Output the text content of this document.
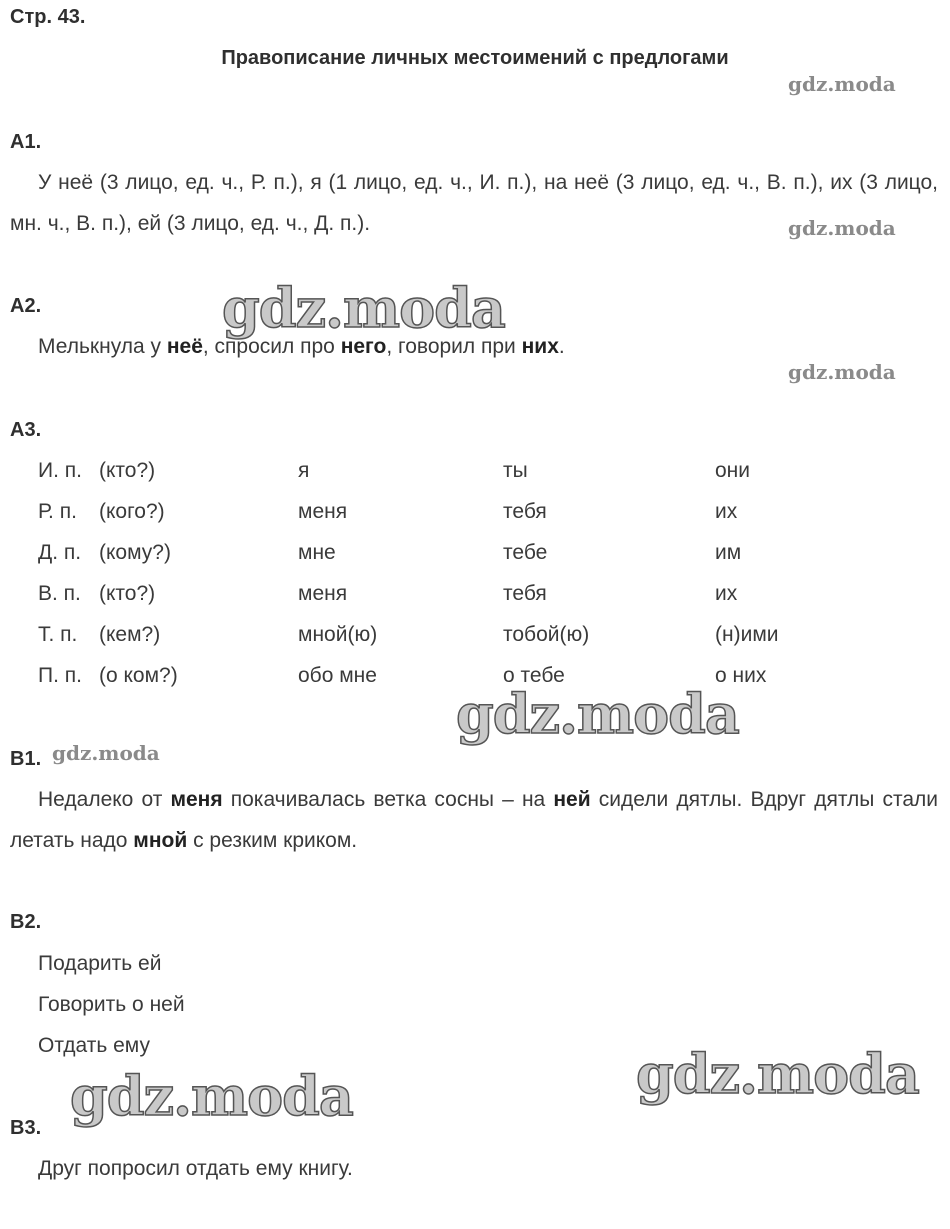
Стр. 43.
Правописание личных местоимений с предлогами
gdz.moda
gdz.moda
gdz.moda
gdz.moda
gdz.moda
gdz.moda
gdz.moda	gdz.moda
А1.
У неё (3 лицо, ед. ч., Р. п.), я (1 лицо, ед. ч., И. п.), на неё (3 лицо, ед. ч., В. п.), их (3 лицо, мн. ч., В. п.), ей (3 лицо, ед. ч., Д. п.).
А2.
Мелькнула у неё, спросил про него, говорил при них.
А3.
И. п. (кто?)	я	ты	они
Р. п. (кого?)	меня	тебя	их
Д. п. (кому?)	мне	тебе	им
В. п. (кто?)	меня	тебя	их
Т. п. (кем?)	мной(ю)	тобой(ю)	(н)ими
П. п. (о ком?)	обо мне	о тебе	о них
В1.
Недалеко от меня покачивалась ветка сосны – на ней сидели дятлы. Вдруг дятлы стали летать надо мной с резким криком.
В2.
Подарить ей
Говорить о ней
Отдать ему
В3.
Друг попросил отдать ему книгу.
